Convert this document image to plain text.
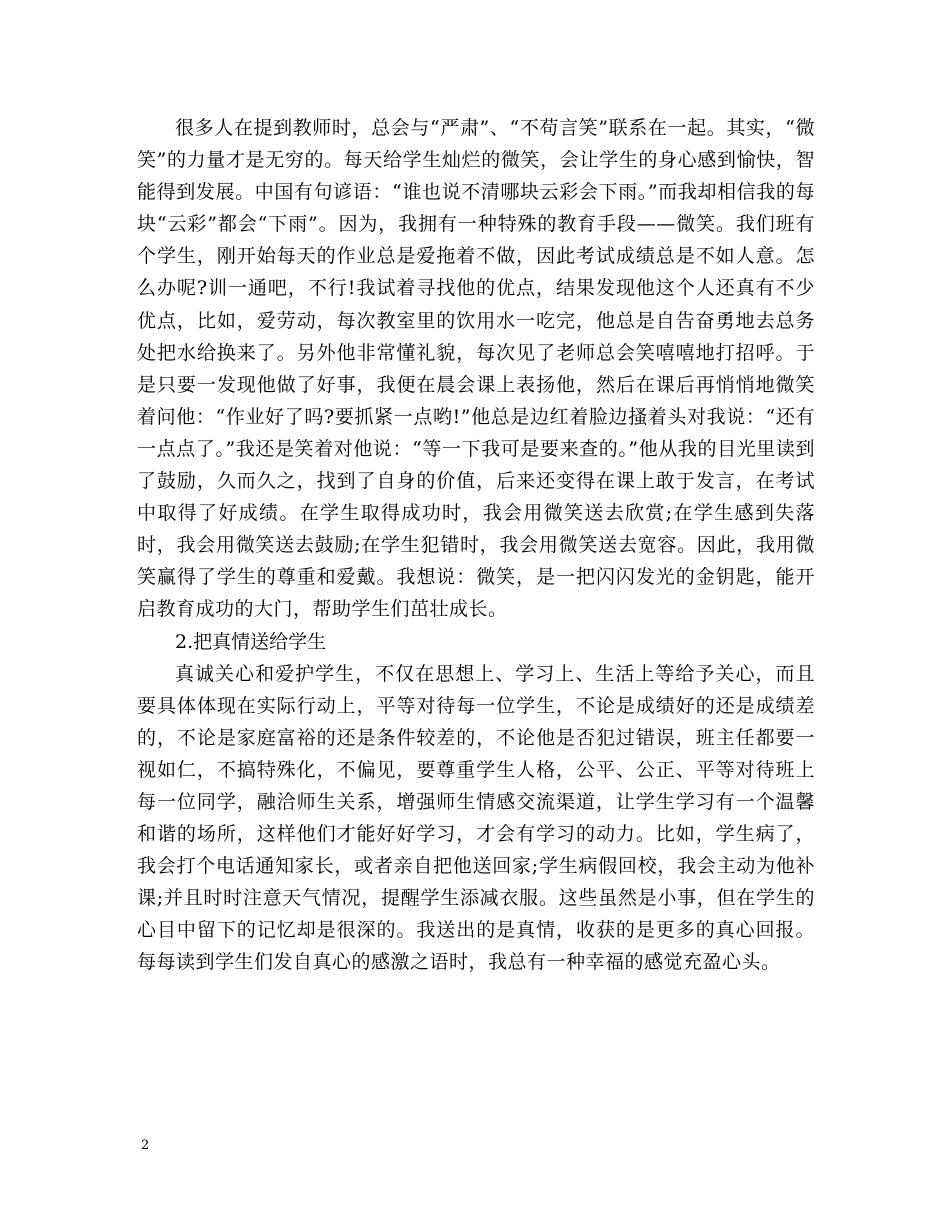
很多人在提到教师时，总会与“严肃”、“不苟言笑”联系在一起。其实，“微笑”的力量才是无穷的。每天给学生灿烂的微笑，会让学生的身心感到愉快，智能得到发展。中国有句谚语：“谁也说不清哪块云彩会下雨。”而我却相信我的每块“云彩”都会“下雨”。因为，我拥有一种特殊的教育手段——微笑。我们班有个学生，刚开始每天的作业总是爱拖着不做，因此考试成绩总是不如人意。怎么办呢?训一通吧，不行!我试着寻找他的优点，结果发现他这个人还真有不少优点，比如，爱劳动，每次教室里的饮用水一吃完，他总是自告奋勇地去总务处把水给换来了。另外他非常懂礼貌，每次见了老师总会笑嘻嘻地打招呼。于是只要一发现他做了好事，我便在晨会课上表扬他，然后在课后再悄悄地微笑着问他：“作业好了吗?要抓紧一点哟!”他总是边红着脸边搔着头对我说：“还有一点点了。”我还是笑着对他说：“等一下我可是要来查的。”他从我的目光里读到了鼓励，久而久之，找到了自身的价值，后来还变得在课上敢于发言，在考试中取得了好成绩。在学生取得成功时，我会用微笑送去欣赏;在学生感到失落时，我会用微笑送去鼓励;在学生犯错时，我会用微笑送去宽容。因此，我用微笑赢得了学生的尊重和爱戴。我想说：微笑，是一把闪闪发光的金钥匙，能开启教育成功的大门，帮助学生们茁壮成长。

2.把真情送给学生

真诚关心和爱护学生，不仅在思想上、学习上、生活上等给予关心，而且要具体体现在实际行动上，平等对待每一位学生，不论是成绩好的还是成绩差的，不论是家庭富裕的还是条件较差的，不论他是否犯过错误，班主任都要一视如仁，不搞特殊化，不偏见，要尊重学生人格，公平、公正、平等对待班上每一位同学，融洽师生关系，增强师生情感交流渠道，让学生学习有一个温馨和谐的场所，这样他们才能好好学习，才会有学习的动力。比如，学生病了，我会打个电话通知家长，或者亲自把他送回家;学生病假回校，我会主动为他补课;并且时时注意天气情况，提醒学生添减衣服。这些虽然是小事，但在学生的心目中留下的记忆却是很深的。我送出的是真情，收获的是更多的真心回报。每每读到学生们发自真心的感激之语时，我总有一种幸福的感觉充盈心头。

2
